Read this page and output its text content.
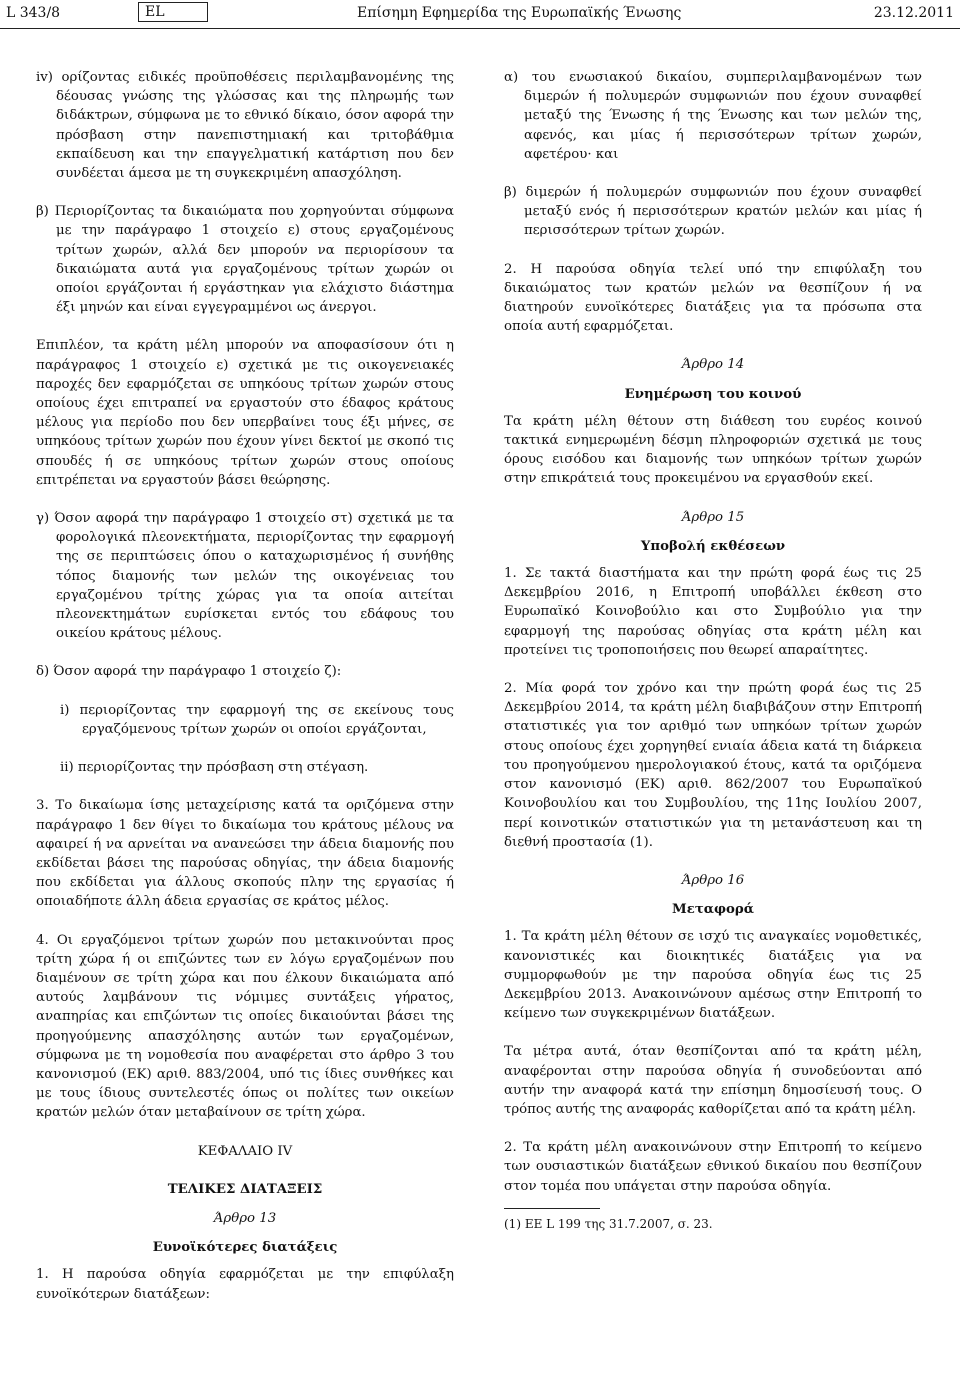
L 343/8	EL	Επίσημη Εφημερίδα της Ευρωπαϊκής Ένωσης	23.12.2011

iv) ορίζοντας ειδικές προϋποθέσεις περιλαμβανομένης της δέουσας γνώσης της γλώσσας και της πληρωμής των διδάκτρων, σύμφωνα με το εθνικό δίκαιο, όσον αφορά την πρόσβαση στην πανεπιστημιακή και τριτοβάθμια εκπαίδευση και την επαγγελματική κατάρτιση που δεν συνδέεται άμεσα με τη συγκεκριμένη απασχόληση.

β) Περιορίζοντας τα δικαιώματα που χορηγούνται σύμφωνα με την παράγραφο 1 στοιχείο ε) στους εργαζομένους τρίτων χωρών, αλλά δεν μπορούν να περιορίσουν τα δικαιώματα αυτά για εργαζομένους τρίτων χωρών οι οποίοι εργάζονται ή εργάστηκαν για ελάχιστο διάστημα έξι μηνών και είναι εγγεγραμμένοι ως άνεργοι.

Επιπλέον, τα κράτη μέλη μπορούν να αποφασίσουν ότι η παράγραφος 1 στοιχείο ε) σχετικά με τις οικογενειακές παροχές δεν εφαρμόζεται σε υπηκόους τρίτων χωρών στους οποίους έχει επιτραπεί να εργαστούν στο έδαφος κράτους μέλους για περίοδο που δεν υπερβαίνει τους έξι μήνες, σε υπηκόους τρίτων χωρών που έχουν γίνει δεκτοί με σκοπό τις σπουδές ή σε υπηκόους τρίτων χωρών στους οποίους επιτρέπεται να εργαστούν βάσει θεώρησης.

γ) Όσον αφορά την παράγραφο 1 στοιχείο στ) σχετικά με τα φορολογικά πλεονεκτήματα, περιορίζοντας την εφαρμογή της σε περιπτώσεις όπου ο καταχωρισμένος ή συνήθης τόπος διαμονής των μελών της οικογένειας του εργαζομένου τρίτης χώρας για τα οποία αιτείται πλεονεκτημάτων ευρίσκεται εντός του εδάφους του οικείου κράτους μέλους.

δ) Όσον αφορά την παράγραφο 1 στοιχείο ζ):

i) περιορίζοντας την εφαρμογή της σε εκείνους τους εργαζόμενους τρίτων χωρών οι οποίοι εργάζονται,

ii) περιορίζοντας την πρόσβαση στη στέγαση.

3. Το δικαίωμα ίσης μεταχείρισης κατά τα οριζόμενα στην παράγραφο 1 δεν θίγει το δικαίωμα του κράτους μέλους να αφαιρεί ή να αρνείται να ανανεώσει την άδεια διαμονής που εκδίδεται βάσει της παρούσας οδηγίας, την άδεια διαμονής που εκδίδεται για άλλους σκοπούς πλην της εργασίας ή οποιαδήποτε άλλη άδεια εργασίας σε κράτος μέλος.

4. Οι εργαζόμενοι τρίτων χωρών που μετακινούνται προς τρίτη χώρα ή οι επιζώντες των εν λόγω εργαζομένων που διαμένουν σε τρίτη χώρα και που έλκουν δικαιώματα από αυτούς λαμβάνουν τις νόμιμες συντάξεις γήρατος, αναπηρίας και επιζώντων τις οποίες δικαιούνται βάσει της προηγούμενης απασχόλησης αυτών των εργαζομένων, σύμφωνα με τη νομοθεσία που αναφέρεται στο άρθρο 3 του κανονισμού (ΕΚ) αριθ. 883/2004, υπό τις ίδιες συνθήκες και με τους ίδιους συντελεστές όπως οι πολίτες των οικείων κρατών μελών όταν μεταβαίνουν σε τρίτη χώρα.

ΚΕΦΑΛΑΙΟ IV

ΤΕΛΙΚΕΣ ΔΙΑΤΑΞΕΙΣ

Άρθρο 13

Ευνοϊκότερες διατάξεις

1. Η παρούσα οδηγία εφαρμόζεται με την επιφύλαξη ευνοϊκότερων διατάξεων:

α) του ενωσιακού δικαίου, συμπεριλαμβανομένων των διμερών ή πολυμερών συμφωνιών που έχουν συναφθεί μεταξύ της Ένωσης ή της Ένωσης και των μελών της, αφενός, και μίας ή περισσότερων τρίτων χωρών, αφετέρου· και

β) διμερών ή πολυμερών συμφωνιών που έχουν συναφθεί μεταξύ ενός ή περισσότερων κρατών μελών και μίας ή περισσότερων τρίτων χωρών.

2. Η παρούσα οδηγία τελεί υπό την επιφύλαξη του δικαιώματος των κρατών μελών να θεσπίζουν ή να διατηρούν ευνοϊκότερες διατάξεις για τα πρόσωπα στα οποία αυτή εφαρμόζεται.

Άρθρο 14

Ενημέρωση του κοινού

Τα κράτη μέλη θέτουν στη διάθεση του ευρέος κοινού τακτικά ενημερωμένη δέσμη πληροφοριών σχετικά με τους όρους εισόδου και διαμονής των υπηκόων τρίτων χωρών στην επικράτειά τους προκειμένου να εργασθούν εκεί.

Άρθρο 15

Υποβολή εκθέσεων

1. Σε τακτά διαστήματα και την πρώτη φορά έως τις 25 Δεκεμβρίου 2016, η Επιτροπή υποβάλλει έκθεση στο Ευρωπαϊκό Κοινοβούλιο και στο Συμβούλιο για την εφαρμογή της παρούσας οδηγίας στα κράτη μέλη και προτείνει τις τροποποιήσεις που θεωρεί απαραίτητες.

2. Μία φορά τον χρόνο και την πρώτη φορά έως τις 25 Δεκεμβρίου 2014, τα κράτη μέλη διαβιβάζουν στην Επιτροπή στατιστικές για τον αριθμό των υπηκόων τρίτων χωρών στους οποίους έχει χορηγηθεί ενιαία άδεια κατά τη διάρκεια του προηγούμενου ημερολογιακού έτους, κατά τα οριζόμενα στον κανονισμό (ΕΚ) αριθ. 862/2007 του Ευρωπαϊκού Κοινοβουλίου και του Συμβουλίου, της 11ης Ιουλίου 2007, περί κοινοτικών στατιστικών για τη μετανάστευση και τη διεθνή προστασία (1).

Άρθρο 16

Μεταφορά

1. Τα κράτη μέλη θέτουν σε ισχύ τις αναγκαίες νομοθετικές, κανονιστικές και διοικητικές διατάξεις για να συμμορφωθούν με την παρούσα οδηγία έως τις 25 Δεκεμβρίου 2013. Ανακοινώνουν αμέσως στην Επιτροπή το κείμενο των συγκεκριμένων διατάξεων.

Τα μέτρα αυτά, όταν θεσπίζονται από τα κράτη μέλη, αναφέρονται στην παρούσα οδηγία ή συνοδεύονται από αυτήν την αναφορά κατά την επίσημη δημοσίευσή τους. Ο τρόπος αυτής της αναφοράς καθορίζεται από τα κράτη μέλη.

2. Τα κράτη μέλη ανακοινώνουν στην Επιτροπή το κείμενο των ουσιαστικών διατάξεων εθνικού δικαίου που θεσπίζουν στον τομέα που υπάγεται στην παρούσα οδηγία.

(1) ΕΕ L 199 της 31.7.2007, σ. 23.
